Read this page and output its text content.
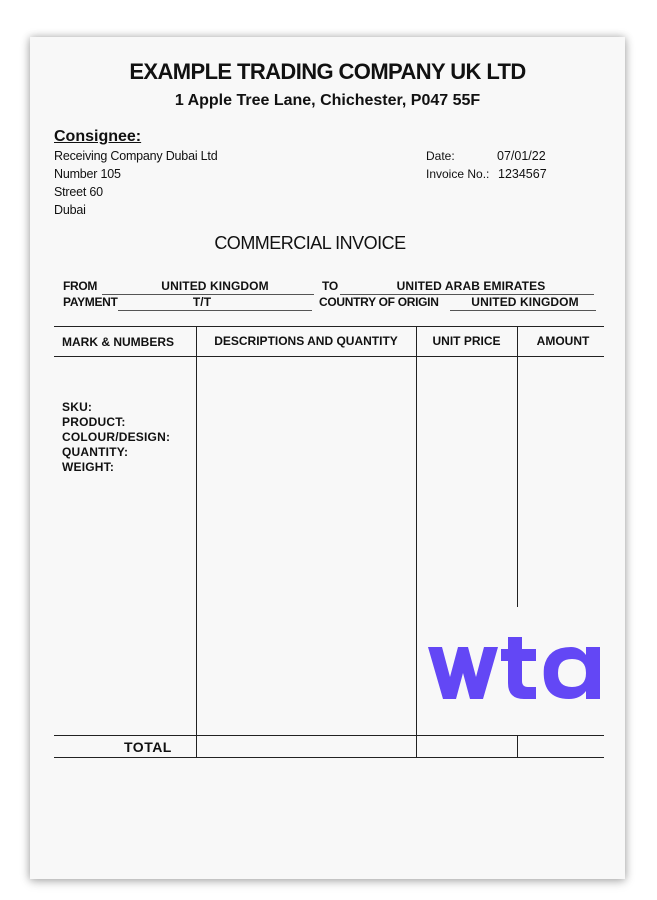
EXAMPLE TRADING COMPANY UK LTD
1 Apple Tree Lane, Chichester, P047 55F
Consignee:
Receiving Company Dubai Ltd
Number 105
Street 60
Dubai
Date:	07/01/22
Invoice No.: 1234567
COMMERCIAL INVOICE
FROM	UNITED KINGDOM	TO	UNITED ARAB EMIRATES
PAYMENT	T/T	COUNTRY OF ORIGIN	UNITED KINGDOM
MARK & NUMBERS	DESCRIPTIONS AND QUANTITY	UNIT PRICE	AMOUNT
SKU:
PRODUCT:
COLOUR/DESIGN:
QUANTITY:
WEIGHT:
TOTAL
